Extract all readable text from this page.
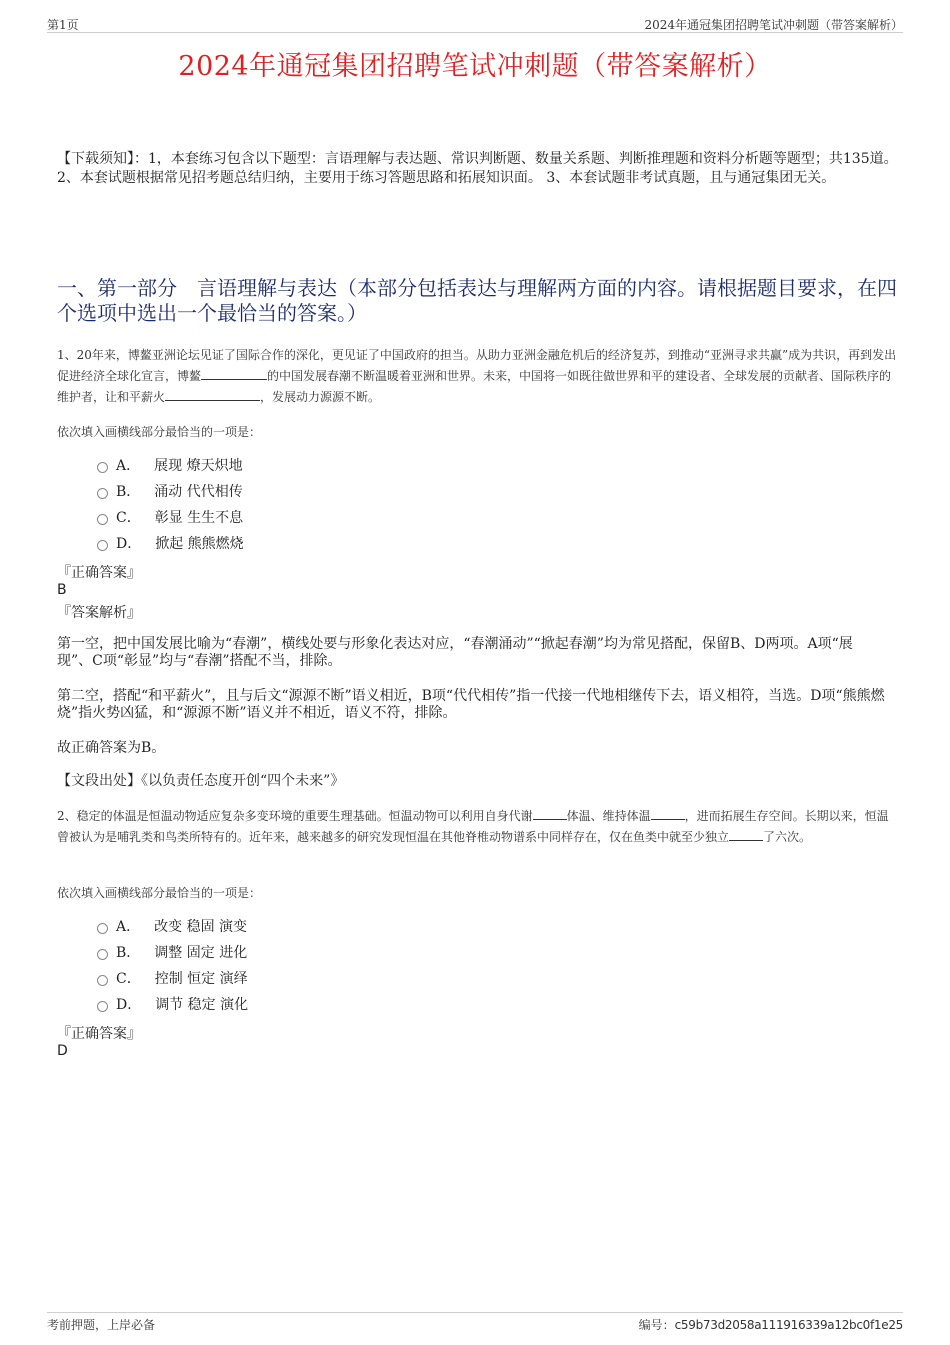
第1页	2024年通冠集团招聘笔试冲刺题（带答案解析）
2024年通冠集团招聘笔试冲刺题（带答案解析）
【下载须知】：1，本套练习包含以下题型：言语理解与表达题、常识判断题、数量关系题、判断推理题和资料分析题等题型；共135道。 2、本套试题根据常见招考题总结归纳，主要用于练习答题思路和拓展知识面。 3、本套试题非考试真题，且与通冠集团无关。
一、第一部分　言语理解与表达（本部分包括表达与理解两方面的内容。请根据题目要求，在四个选项中选出一个最恰当的答案。）
1、20年来，博鳌亚洲论坛见证了国际合作的深化，更见证了中国政府的担当。从助力亚洲金融危机后的经济复苏，到推动“亚洲寻求共赢”成为共识，再到发出促进经济全球化宣言，博鳌	的中国发展春潮不断温暖着亚洲和世界。未来，中国将一如既往做世界和平的建设者、全球发展的贡献者、国际秩序的维护者，让和平薪火	，发展动力源源不断。
依次填入画横线部分最恰当的一项是：
A． 展现 燎天炽地
B． 涌动 代代相传
C． 彰显 生生不息
D． 掀起 熊熊燃烧
『正确答案』
B
『答案解析』
第一空，把中国发展比喻为“春潮”，横线处要与形象化表达对应，“春潮涌动”“掀起春潮”均为常见搭配，保留B、D两项。A项“展现”、C项“彰显”均与“春潮”搭配不当，排除。
第二空，搭配“和平薪火”，且与后文“源源不断”语义相近，B项“代代相传”指一代接一代地相继传下去，语义相符，当选。D项“熊熊燃烧”指火势凶猛，和“源源不断”语义并不相近，语义不符，排除。
故正确答案为B。
【文段出处】《以负责任态度开创“四个未来”》
2、稳定的体温是恒温动物适应复杂多变环境的重要生理基础。恒温动物可以利用自身代谢	体温、维持体温	，进而拓展生存空间。长期以来，恒温曾被认为是哺乳类和鸟类所特有的。近年来，越来越多的研究发现恒温在其他脊椎动物谱系中同样存在，仅在鱼类中就至少独立	了六次。
依次填入画横线部分最恰当的一项是：
A． 改变 稳固 演变
B． 调整 固定 进化
C． 控制 恒定 演绎
D． 调节 稳定 演化
『正确答案』
D
考前押题，上岸必备	编号：c59b73d2058a111916339a12bc0f1e25
